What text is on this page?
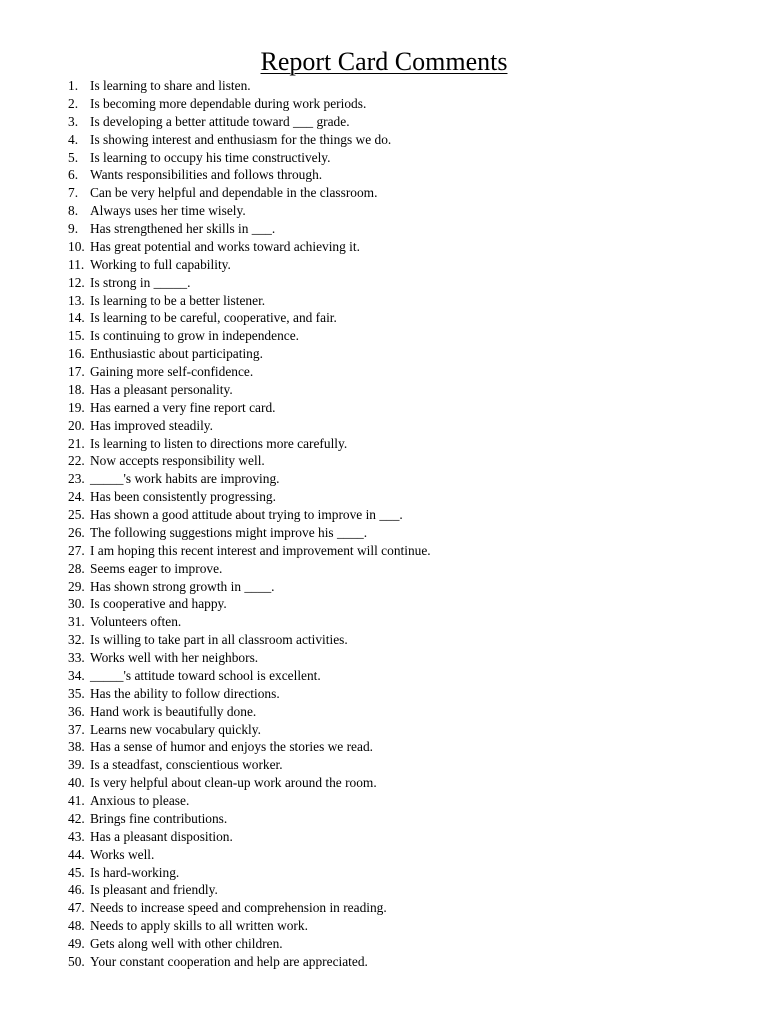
Report Card Comments
1. Is learning to share and listen.
2. Is becoming more dependable during work periods.
3. Is developing a better attitude toward ___ grade.
4. Is showing interest and enthusiasm for the things we do.
5. Is learning to occupy his time constructively.
6. Wants responsibilities and follows through.
7. Can be very helpful and dependable in the classroom.
8. Always uses her time wisely.
9. Has strengthened her skills in ___.
10. Has great potential and works toward achieving it.
11. Working to full capability.
12. Is strong in _____.
13. Is learning to be a better listener.
14. Is learning to be careful, cooperative, and fair.
15. Is continuing to grow in independence.
16. Enthusiastic about participating.
17. Gaining more self-confidence.
18. Has a pleasant personality.
19. Has earned a very fine report card.
20. Has improved steadily.
21. Is learning to listen to directions more carefully.
22. Now accepts responsibility well.
23. _____'s work habits are improving.
24. Has been consistently progressing.
25. Has shown a good attitude about trying to improve in ___.
26. The following suggestions might improve his ____.
27. I am hoping this recent interest and improvement will continue.
28. Seems eager to improve.
29. Has shown strong growth in ____.
30. Is cooperative and happy.
31. Volunteers often.
32. Is willing to take part in all classroom activities.
33. Works well with her neighbors.
34. _____'s attitude toward school is excellent.
35. Has the ability to follow directions.
36. Hand work is beautifully done.
37. Learns new vocabulary quickly.
38. Has a sense of humor and enjoys the stories we read.
39. Is a steadfast, conscientious worker.
40. Is very helpful about clean-up work around the room.
41. Anxious to please.
42. Brings fine contributions.
43. Has a pleasant disposition.
44. Works well.
45. Is hard-working.
46. Is pleasant and friendly.
47. Needs to increase speed and comprehension in reading.
48. Needs to apply skills to all written work.
49. Gets along well with other children.
50. Your constant cooperation and help are appreciated.
